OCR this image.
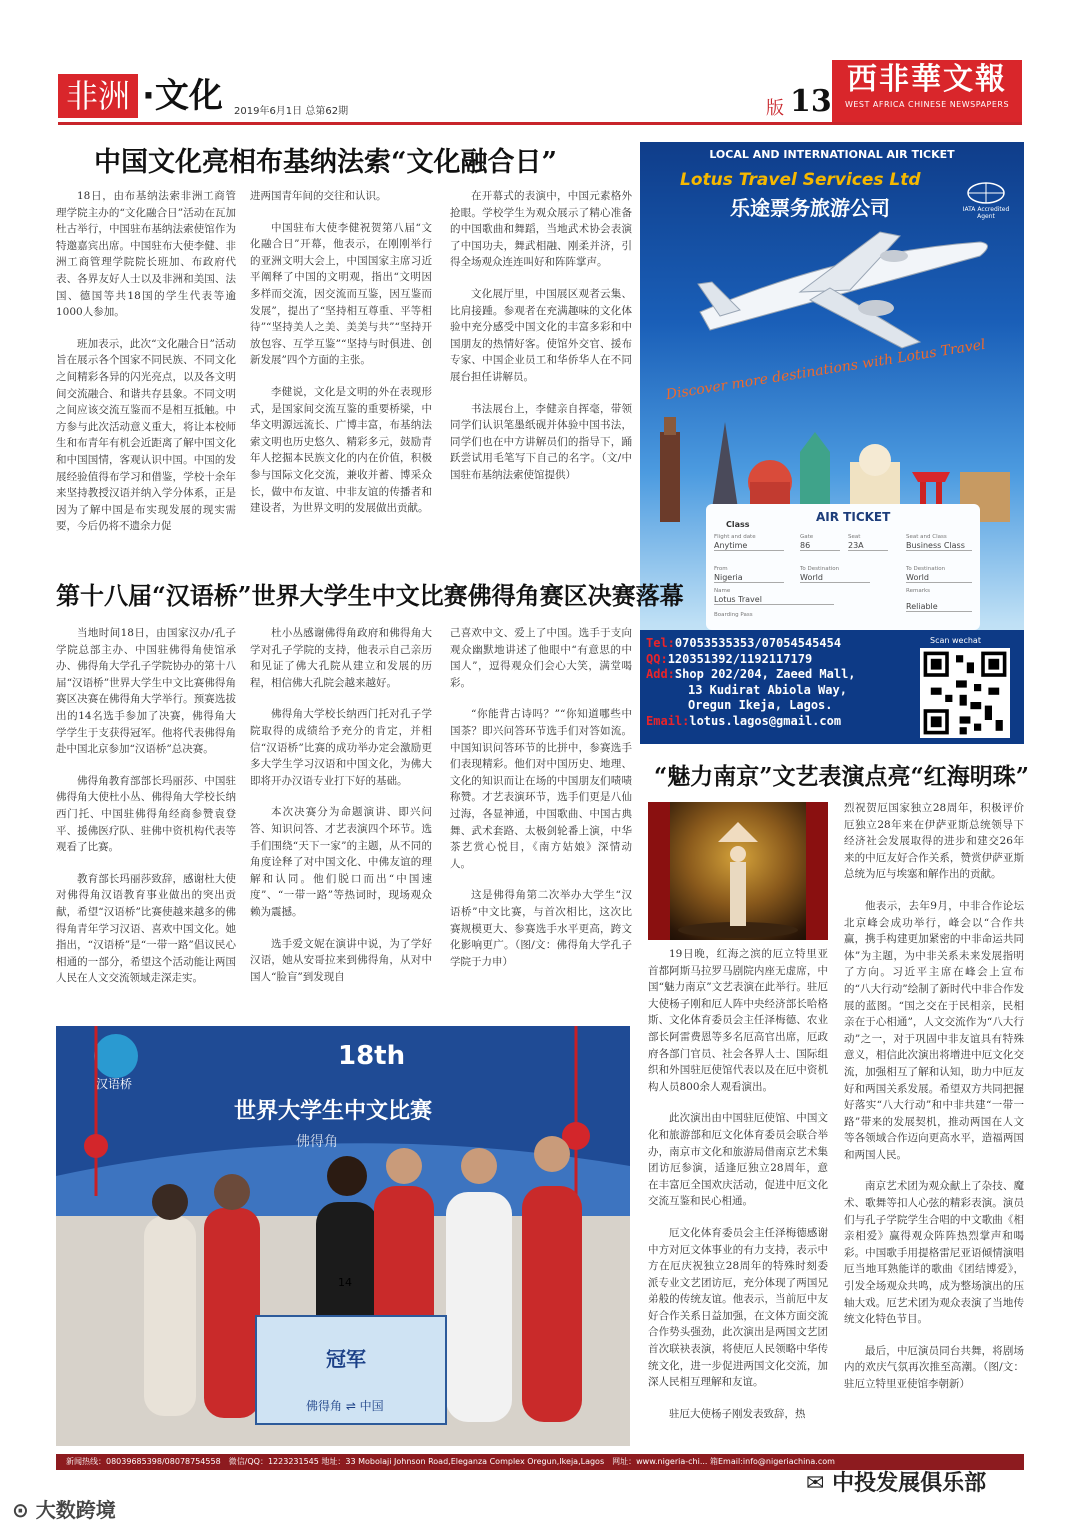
非洲 ·文化 2019年6月1日 总第62期	版 13
西非華文報
WEST AFRICA CHINESE NEWSPAPERS
中国文化亮相布基纳法索“文化融合日”

18日，由布基纳法索非洲工商管理学院主办的“文化融合日”活动在瓦加杜古举行，中国驻布基纳法索使馆作为特邀嘉宾出席。中国驻布大使李健、非洲工商管理学院院长班加、布政府代表、各界友好人士以及非洲和美国、法国、德国等共18国的学生代表等逾1000人参加。

班加表示，此次“文化融合日”活动旨在展示各个国家不同民族、不同文化之间精彩各异的闪光亮点，以及各文明间交流融合、和谐共存县象。不同文明之间应该交流互鉴而不是相互抵触。中方参与此次活动意义重大，将让本校师生和布青年有机会近距离了解中国文化和中国国情，客观认识中国。中国的发展经验值得布学习和借鉴，学校十余年来坚持教授汉语并纳入学分体系，正是因为了解中国是布实现发展的现实需要，今后仍将不遗余力促

进两国青年间的交往和认识。

中国驻布大使李健祝贺第八届“文化融合日”开幕，他表示，在刚刚举行的亚洲文明大会上，中国国家主席习近平阐释了中国的文明观，指出“文明因多样而交流，因交流而互鉴，因互鉴而发展”，提出了“坚持相互尊重、平等相待”“坚持美人之美、美美与共”“坚持开放包容、互学互鉴”“坚持与时俱进、创新发展”四个方面的主张。

李健说，文化是文明的外在表现形式，是国家间交流互鉴的重要桥梁，中华文明源远流长、广博丰富，布基纳法索文明也历史悠久、精彩多元，鼓励青年人挖掘本民族文化的内在价值，积极参与国际文化交流，兼收并蓄、博采众长，做中布友谊、中非友谊的传播者和建设者，为世界文明的发展做出贡献。

在开幕式的表演中，中国元素格外抢眼。学校学生为观众展示了精心准备的中国歌曲和舞蹈，当地武术协会表演了中国功夫，舞武相融、刚柔并济，引得全场观众连连叫好和阵阵掌声。

文化展厅里，中国展区观者云集、比肩接踵。参观者在充满趣味的文化体验中充分感受中国文化的丰富多彩和中国朋友的热情好客。使馆外交官、援布专家、中国企业员工和华侨华人在不同展台担任讲解员。

书法展台上，李健亲自挥毫，带领同学们认识笔墨纸砚并体验中国书法，同学们也在中方讲解员们的指导下，踊跃尝试用毛笔写下自己的名字。（文/中国驻布基纳法索使馆提供）

LOCAL AND INTERNATIONAL AIR TICKET
Lotus Travel Services Ltd
乐途票务旅游公司	IATA Accredited Agent
Discover more destinations with Lotus Travel
AIR TICKET
Class
Flight and date
Anytime
Gate
86
Seat
23A
Seat and Class
Business Class
From
Nigeria
To Destination
World
To Destination
World
Name
Lotus Travel
Remarks
Reliable
Boarding Pass
Tel:07053535353/07054545454
QQ:120351392/1192117179
Add:Shop 202/204, Zaeed Mall,
13 Kudirat Abiola Way,
Oregun Ikeja, Lagos.
Email:lotus.lagos@gmail.com
Scan wechat
第十八届“汉语桥”世界大学生中文比赛佛得角赛区决赛落幕

当地时间18日，由国家汉办/孔子学院总部主办、中国驻佛得角使馆承办、佛得角大学孔子学院协办的第十八届“汉语桥”世界大学生中文比赛佛得角赛区决赛在佛得角大学举行。预赛选拔出的14名选手参加了决赛，佛得角大学学生于支获得冠军。他将代表佛得角赴中国北京参加“汉语桥”总决赛。

佛得角教育部部长玛丽莎、中国驻佛得角大使杜小丛、佛得角大学校长纳西门托、中国驻佛得角经商参赞袁登平、援佛医疗队、驻佛中资机构代表等观看了比赛。

教育部长玛丽莎致辞，感谢杜大使对佛得角汉语教育事业做出的突出贡献，希望“汉语桥”比赛使越来越多的佛得角青年学习汉语、喜欢中国文化。她指出，“汉语桥”是“一带一路”倡议民心相通的一部分，希望这个活动能让两国人民在人文交流领域走深走实。

杜小丛感谢佛得角政府和佛得角大学对孔子学院的支持，他表示自己亲历和见证了佛大孔院从建立和发展的历程，相信佛大孔院会越来越好。

佛得角大学校长纳西门托对孔子学院取得的成绩给予充分的肯定，并相信“汉语桥”比赛的成功举办定会激励更多大学生学习汉语和中国文化，为佛大即将开办汉语专业打下好的基础。

本次决赛分为命题演讲、即兴问答、知识问答、才艺表演四个环节。选手们围绕“天下一家”的主题，从不同的角度诠释了对中国文化、中佛友谊的理解和认同。他们脱口而出“中国速度”、“一带一路”等热词时，现场观众赖为震撼。

选手爱文妮在演讲中说，为了学好汉语，她从安哥拉来到佛得角，从对中国人“脸盲”到发现自

己喜欢中文、爱上了中国。选手于支向观众幽默地讲述了他眼中“有意思的中国人”，逗得观众们会心大笑，满堂喝彩。

“你能背古诗吗？”“你知道哪些中国茶？即兴问答环节选手们对答如流。中国知识问答环节的比拼中，参赛选手们表现精彩。他们对中国历史、地理、文化的知识而让在场的中国朋友们啧啧称赞。才艺表演环节，选手们更是八仙过海，各显神通，中国歌曲、中国古典舞、武术套路、太极剑轮番上演，中华茶艺赏心悦目，《南方姑娘》深情动人。

这是佛得角第二次举办大学生“汉语桥”中文比赛，与首次相比，这次比赛规模更大、参赛选手水平更高，跨文化影响更广。（图/文：佛得角大学孔子学院于力申）

汉语桥
18th
世界大学生中文比赛
佛得角
冠军
佛得角 ⇌ 中国
14
“魅力南京”文艺表演点亮“红海明珠”

19日晚，红海之滨的厄立特里亚首都阿斯马拉罗马剧院内座无虚席，中国“魅力南京”文艺表演在此举行。驻厄大使杨子刚和厄人阵中央经济部长哈格斯、文化体育委员会主任泽梅德、农业部长阿雷费恩等多名厄高官出席，厄政府各部门官员、社会各界人士、国际组织和外国驻厄使馆代表以及在厄中资机构人员800余人观看演出。

此次演出由中国驻厄使馆、中国文化和旅游部和厄文化体育委员会联合举办，南京市文化和旅游局借南京艺术集团访厄参演，适逢厄独立28周年，意在丰富厄全国欢庆活动，促进中厄文化交流互鉴和民心相通。

厄文化体育委员会主任泽梅德感谢中方对厄文体事业的有力支持，表示中方在厄庆祝独立28周年的特殊时刻委派专业文艺团访厄，充分体现了两国兄弟般的传统友谊。他表示，当前厄中友好合作关系日益加强，在文体方面交流合作势头强劲，此次演出是两国文艺团首次联袂表演，将使厄人民领略中华传统文化，进一步促进两国文化交流，加深人民相互理解和友谊。

驻厄大使杨子刚发表致辞，热

烈祝贺厄国家独立28周年，积极评价厄独立28年来在伊萨亚斯总统领导下经济社会发展取得的进步和建交26年来的中厄友好合作关系，赞赏伊萨亚斯总统为厄与埃塞和解作出的贡献。

他表示，去年9月，中非合作论坛北京峰会成功举行，峰会以“合作共赢，携手构建更加紧密的中非命运共同体”为主题，为中非关系未来发展指明了方向。习近平主席在峰会上宣布的“八大行动”绘制了新时代中非合作发展的蓝图。“国之交在于民相亲，民相亲在于心相通”，人文交流作为“八大行动”之一，对于巩固中非友谊具有特殊意义，相信此次演出将增进中厄文化交流，加强相互了解和认知，助力中厄友好和两国关系发展。希望双方共同把握好落实“八大行动”和中非共建“一带一路”带来的发展契机，推动两国在人文等各领域合作迈向更高水平，造福两国和两国人民。

南京艺术团为观众献上了杂技、魔术、歌舞等扣人心弦的精彩表演。演员们与孔子学院学生合唱的中文歌曲《相亲相爱》赢得观众阵阵热烈掌声和喝彩。中国歌手用提格雷尼亚语倾情演唱厄当地耳熟能详的歌曲《团结博爱》，引发全场观众共鸣，成为整场演出的压轴大戏。厄艺术团为观众表演了当地传统文化特色节目。

最后，中厄演员同台共舞，将剧场内的欢庆气氛再次推至高潮。（图/文：驻厄立特里亚使馆李朝新）

新闻热线：08039685398/08078754558　微信/QQ：1223231545 地址：33 Mobolaji Johnson Road,Eleganza Complex Oregun,Ikeja,Lagos　网址：www.nigeria-chi... 箱Email:info@nigeriachina.com
⊙ 大数跨境
✉ 中投发展俱乐部
